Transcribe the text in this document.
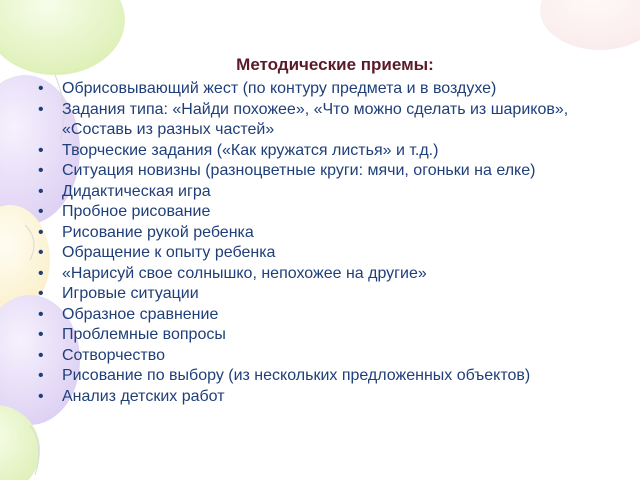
Методические приемы:
• Обрисовывающий жест (по контуру предмета и в воздухе)
• Задания типа: «Найди похожее», «Что можно сделать из шариков», «Составь из разных частей»
• Творческие задания («Как кружатся листья» и т.д.)
• Ситуация новизны (разноцветные круги: мячи, огоньки на елке)
• Дидактическая игра
• Пробное рисование
• Рисование рукой ребенка
• Обращение к опыту ребенка
• «Нарисуй свое солнышко, непохожее на другие»
• Игровые ситуации
• Образное сравнение
• Проблемные вопросы
• Сотворчество
• Рисование по выбору (из нескольких предложенных объектов)
• Анализ детских работ
